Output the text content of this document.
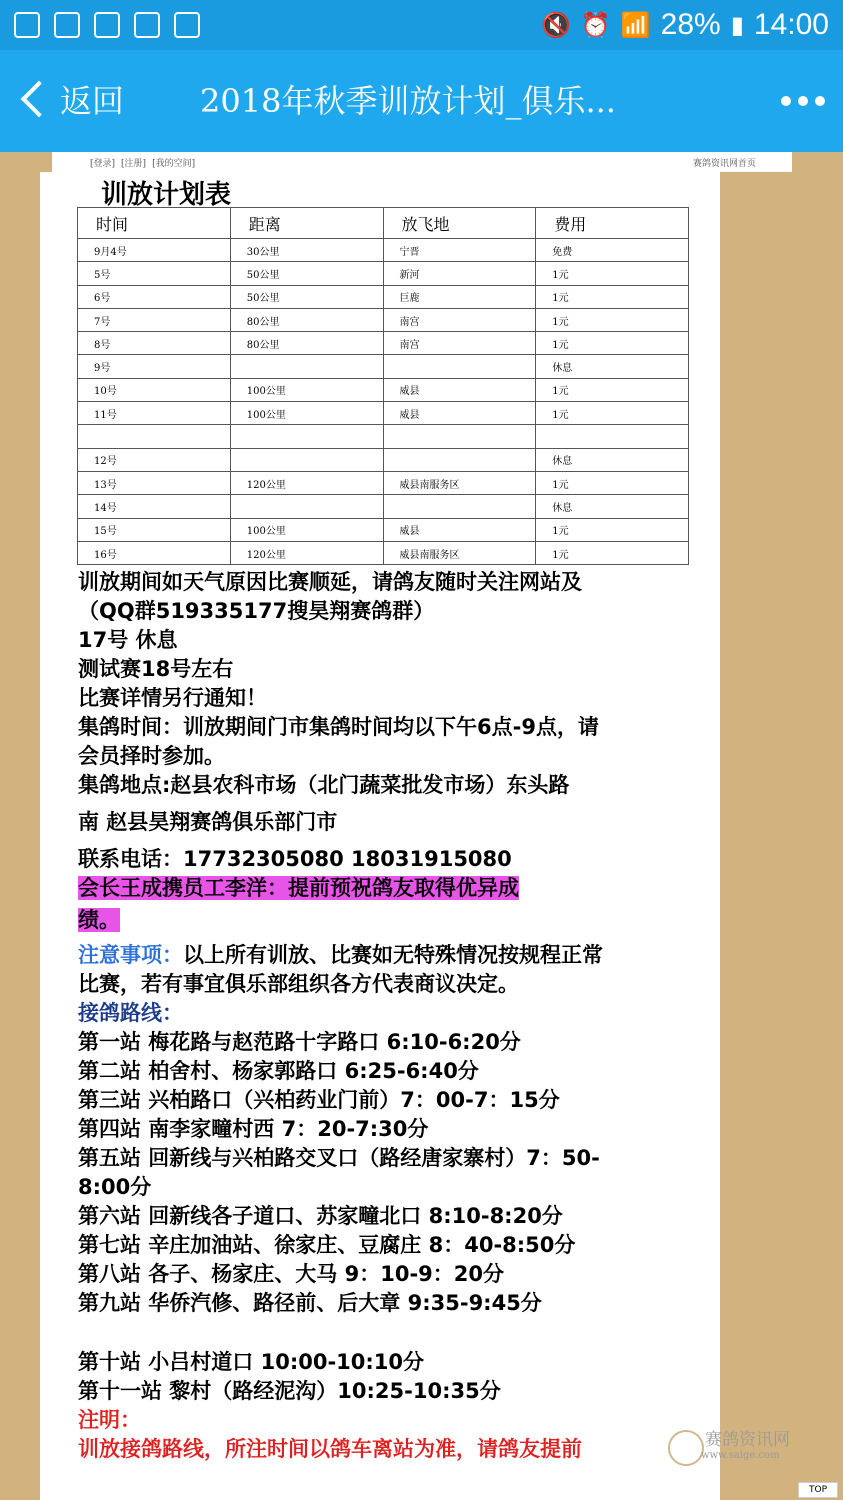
🔇 ⏰ 📶 28% ▮ 14:00
返回 2018年秋季训放计划_俱乐...
[登录] [注册] [我的空间]	赛鸽资讯网首页
训放计划表
时间	距离	放飞地	费用
9月4号	30公里	宁晋	免费
5号	50公里	新河	1元
6号	50公里	巨鹿	1元
7号	80公里	南宫	1元
8号	80公里	南宫	1元
9号			休息
10号	100公里	威县	1元
11号	100公里	威县	1元

12号			休息
13号	120公里	威县南服务区	1元
14号			休息
15号	100公里	威县	1元
16号	120公里	威县南服务区	1元
训放期间如天气原因比赛顺延，请鸽友随时关注网站及
（QQ群519335177搜昊翔赛鸽群）
17号 休息
测试赛18号左右
比赛详情另行通知！
集鸽时间：训放期间门市集鸽时间均以下午6点-9点，请
会员择时参加。
集鸽地点:赵县农科市场（北门蔬菜批发市场）东头路
南 赵县昊翔赛鸽俱乐部门市
联系电话：17732305080 18031915080
会长王成携员工李洋：提前预祝鸽友取得优异成
绩。
注意事项：以上所有训放、比赛如无特殊情况按规程正常
比赛，若有事宜俱乐部组织各方代表商议决定。
接鸽路线：
第一站 梅花路与赵范路十字路口 6:10-6:20分
第二站 柏舍村、杨家郭路口 6:25-6:40分
第三站 兴柏路口（兴柏药业门前）7：00-7：15分
第四站 南李家疃村西 7：20-7:30分
第五站 回新线与兴柏路交叉口（路经唐家寨村）7：50-
8:00分
第六站 回新线各子道口、苏家疃北口 8:10-8:20分
第七站 辛庄加油站、徐家庄、豆腐庄 8：40-8:50分
第八站 各子、杨家庄、大马 9：10-9：20分
第九站 华侨汽修、路径前、后大章 9:35-9:45分
第十站 小吕村道口 10:00-10:10分
第十一站 黎村（路经泥沟）10:25-10:35分
注明：
训放接鸽路线，所注时间以鸽车离站为准，请鸽友提前	赛鸽资讯网
www.saige.com
TOP
